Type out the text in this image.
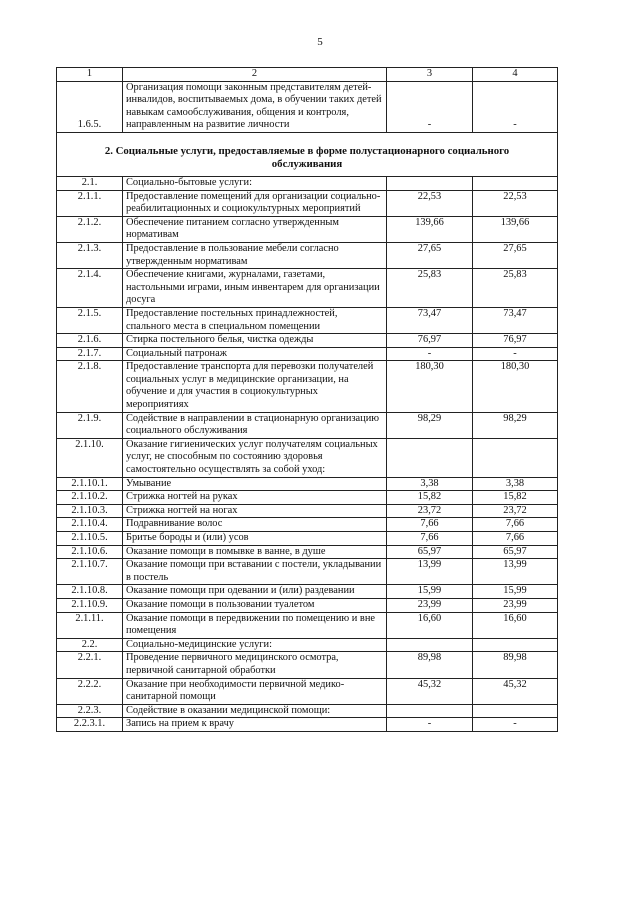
5
1	2	3	4
1.6.5.	Организация помощи законным представителям детей-инвалидов, воспитываемых дома, в обучении таких детей навыкам самообслуживания, общения и контроля, направленным на развитие личности	-	-
2. Социальные услуги, предоставляемые в форме полустационарного социального обслуживания			
2.1.	Социально-бытовые услуги:		
2.1.1.	Предоставление помещений для организации социально-реабилитационных и социокультурных мероприятий	22,53	22,53
2.1.2.	Обеспечение питанием согласно утвержденным нормативам	139,66	139,66
2.1.3.	Предоставление в пользование мебели согласно утвержденным нормативам	27,65	27,65
2.1.4.	Обеспечение книгами, журналами, газетами, настольными играми, иным инвентарем для организации досуга	25,83	25,83
2.1.5.	Предоставление постельных принадлежностей, спального места в специальном помещении	73,47	73,47
2.1.6.	Стирка постельного белья, чистка одежды	76,97	76,97
2.1.7.	Социальный патронаж	-	-
2.1.8.	Предоставление транспорта для перевозки получателей социальных услуг в медицинские организации, на обучение и для участия в социокультурных мероприятиях	180,30	180,30
2.1.9.	Содействие в направлении в стационарную организацию социального обслуживания	98,29	98,29
2.1.10.	Оказание гигиенических услуг получателям социальных услуг, не способным по состоянию здоровья самостоятельно осуществлять за собой уход:		
2.1.10.1.	Умывание	3,38	3,38
2.1.10.2.	Стрижка ногтей на руках	15,82	15,82
2.1.10.3.	Стрижка ногтей на ногах	23,72	23,72
2.1.10.4.	Подравнивание волос	7,66	7,66
2.1.10.5.	Бритье бороды и (или) усов	7,66	7,66
2.1.10.6.	Оказание помощи в помывке в ванне, в душе	65,97	65,97
2.1.10.7.	Оказание помощи при вставании с постели, укладывании в постель	13,99	13,99
2.1.10.8.	Оказание помощи при одевании и (или) раздевании	15,99	15,99
2.1.10.9.	Оказание помощи в пользовании туалетом	23,99	23,99
2.1.11.	Оказание помощи в передвижении по помещению и вне помещения	16,60	16,60
2.2.	Социально-медицинские услуги:		
2.2.1.	Проведение первичного медицинского осмотра, первичной санитарной обработки	89,98	89,98
2.2.2.	Оказание при необходимости первичной медико-санитарной помощи	45,32	45,32
2.2.3.	Содействие в оказании медицинской помощи:		
2.2.3.1.	Запись на прием к врачу	-	-
